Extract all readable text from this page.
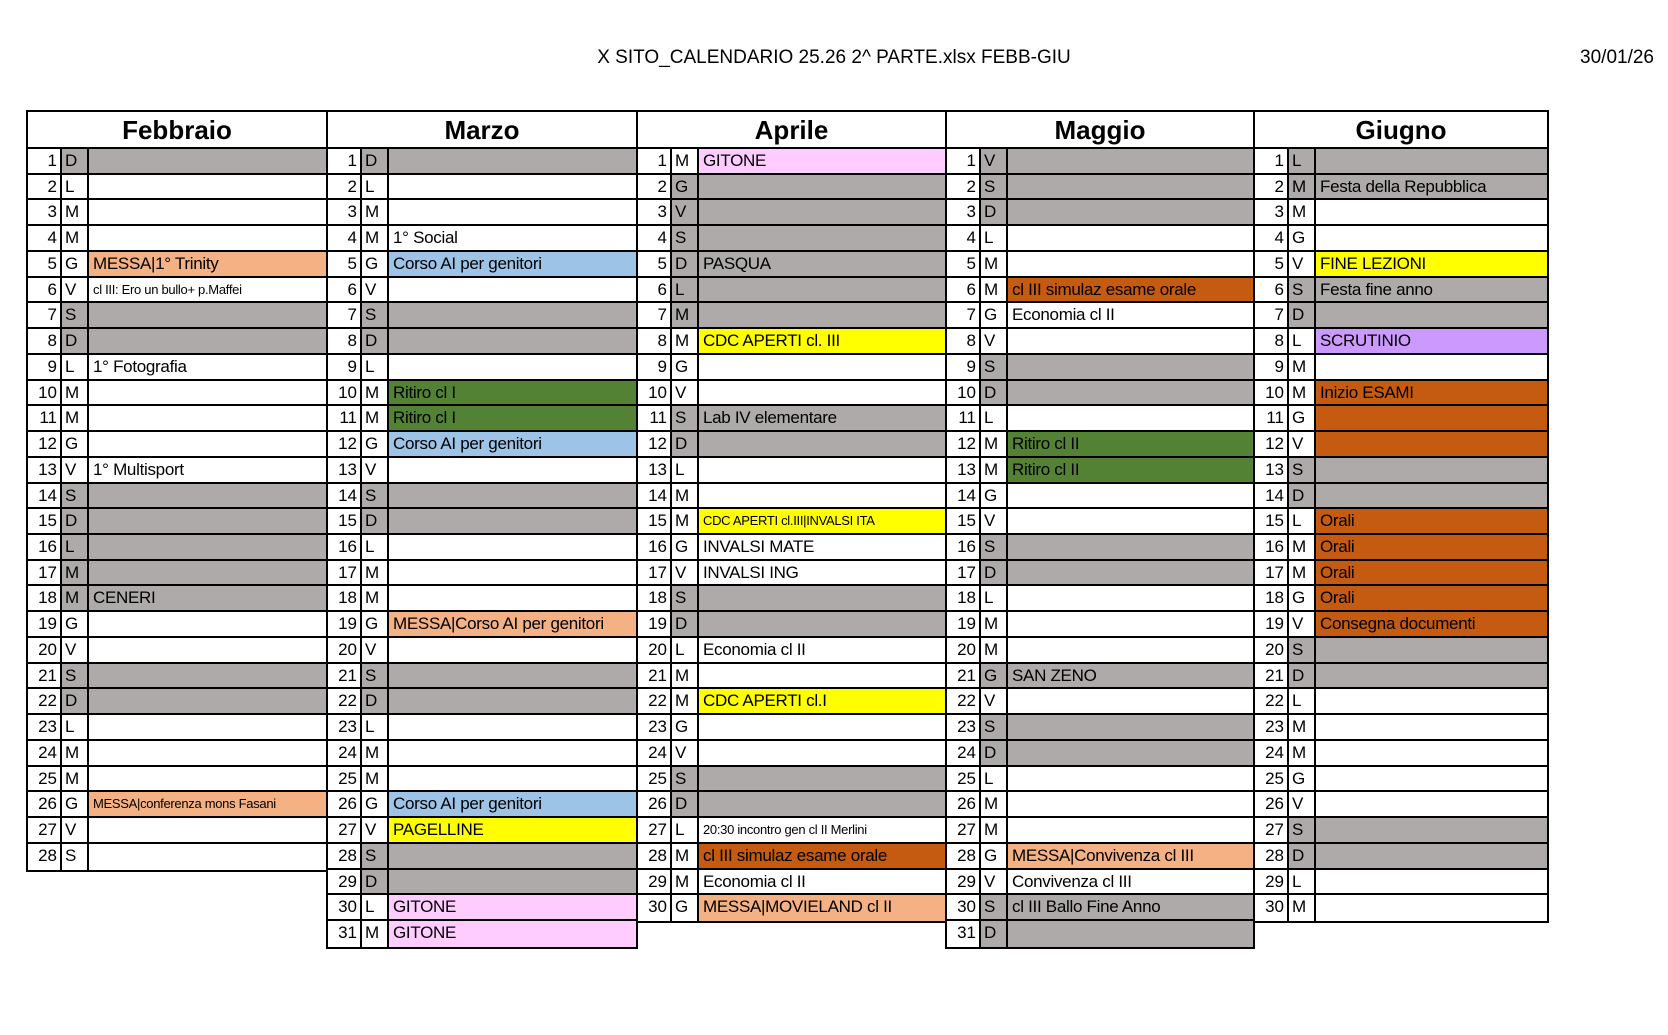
X SITO_CALENDARIO 25.26 2^ PARTE.xlsx FEBB-GIU	30/01/26
Febbraio
1 D
2 L
3 M
4 M
5 G MESSA|1° Trinity
6 V	cl III: Ero un bullo+ p.Maffei
7 S
8 D
9 L	1° Fotografia
10 M
11 M
12 G
13 V 1° Multisport
14 S
15 D
16 L
17 M
18 M CENERI
19 G
20 V
21 S
22 D
23 L
24 M
25 M
26 G	MESSA|conferenza mons Fasani
27 V
28 S
Marzo
1 D
2 L
3 M
4 M 1° Social
5 G Corso AI per genitori
6 V
7 S
8 D
9 L
10 M Ritiro cl I
11 M Ritiro cl I
12 G Corso AI per genitori
13 V
14 S
15 D
16 L
17 M
18 M
19 G MESSA|Corso AI per genitori
20 V
21 S
22 D
23 L
24 M
25 M
26 G Corso AI per genitori
27 V PAGELLINE
28 S
29 D
30 L	GITONE
31 M GITONE
Aprile
1 M GITONE
2 G
3 V
4 S
5 D PASQUA
6 L
7 M
8 M CDC APERTI cl. III
9 G
10 V
11 S Lab IV elementare
12 D
13 L
14 M
15 M	CDC APERTI cl.III|INVALSI ITA
16 G INVALSI MATE
17 V INVALSI ING
18 S
19 D
20 L	Economia cl II
21 M
22 M CDC APERTI cl.I
23 G
24 V
25 S
26 D
27 L	20:30 incontro gen cl II Merlini
28 M cl III simulaz esame orale
29 M Economia cl II
30 G MESSA|MOVIELAND cl II
Maggio
1 V
2 S
3 D
4 L
5 M
6 M cl III simulaz esame orale
7 G Economia cl II
8 V
9 S
10 D
11 L
12 M Ritiro cl II
13 M Ritiro cl II
14 G
15 V
16 S
17 D
18 L
19 M
20 M
21 G SAN ZENO
22 V
23 S
24 D
25 L
26 M
27 M
28 G MESSA|Convivenza cl III
29 V Convivenza cl III
30 S cl III Ballo Fine Anno
31 D
Giugno
1 L
2 M Festa della Repubblica
3 M
4 G
5 V FINE LEZIONI
6 S Festa fine anno
7 D
8 L	SCRUTINIO
9 M
10 M Inizio ESAMI
11 G
12 V
13 S
14 D
15 L	Orali
16 M Orali
17 M Orali
18 G Orali
19 V Consegna documenti
20 S
21 D
22 L
23 M
24 M
25 G
26 V
27 S
28 D
29 L
30 M
